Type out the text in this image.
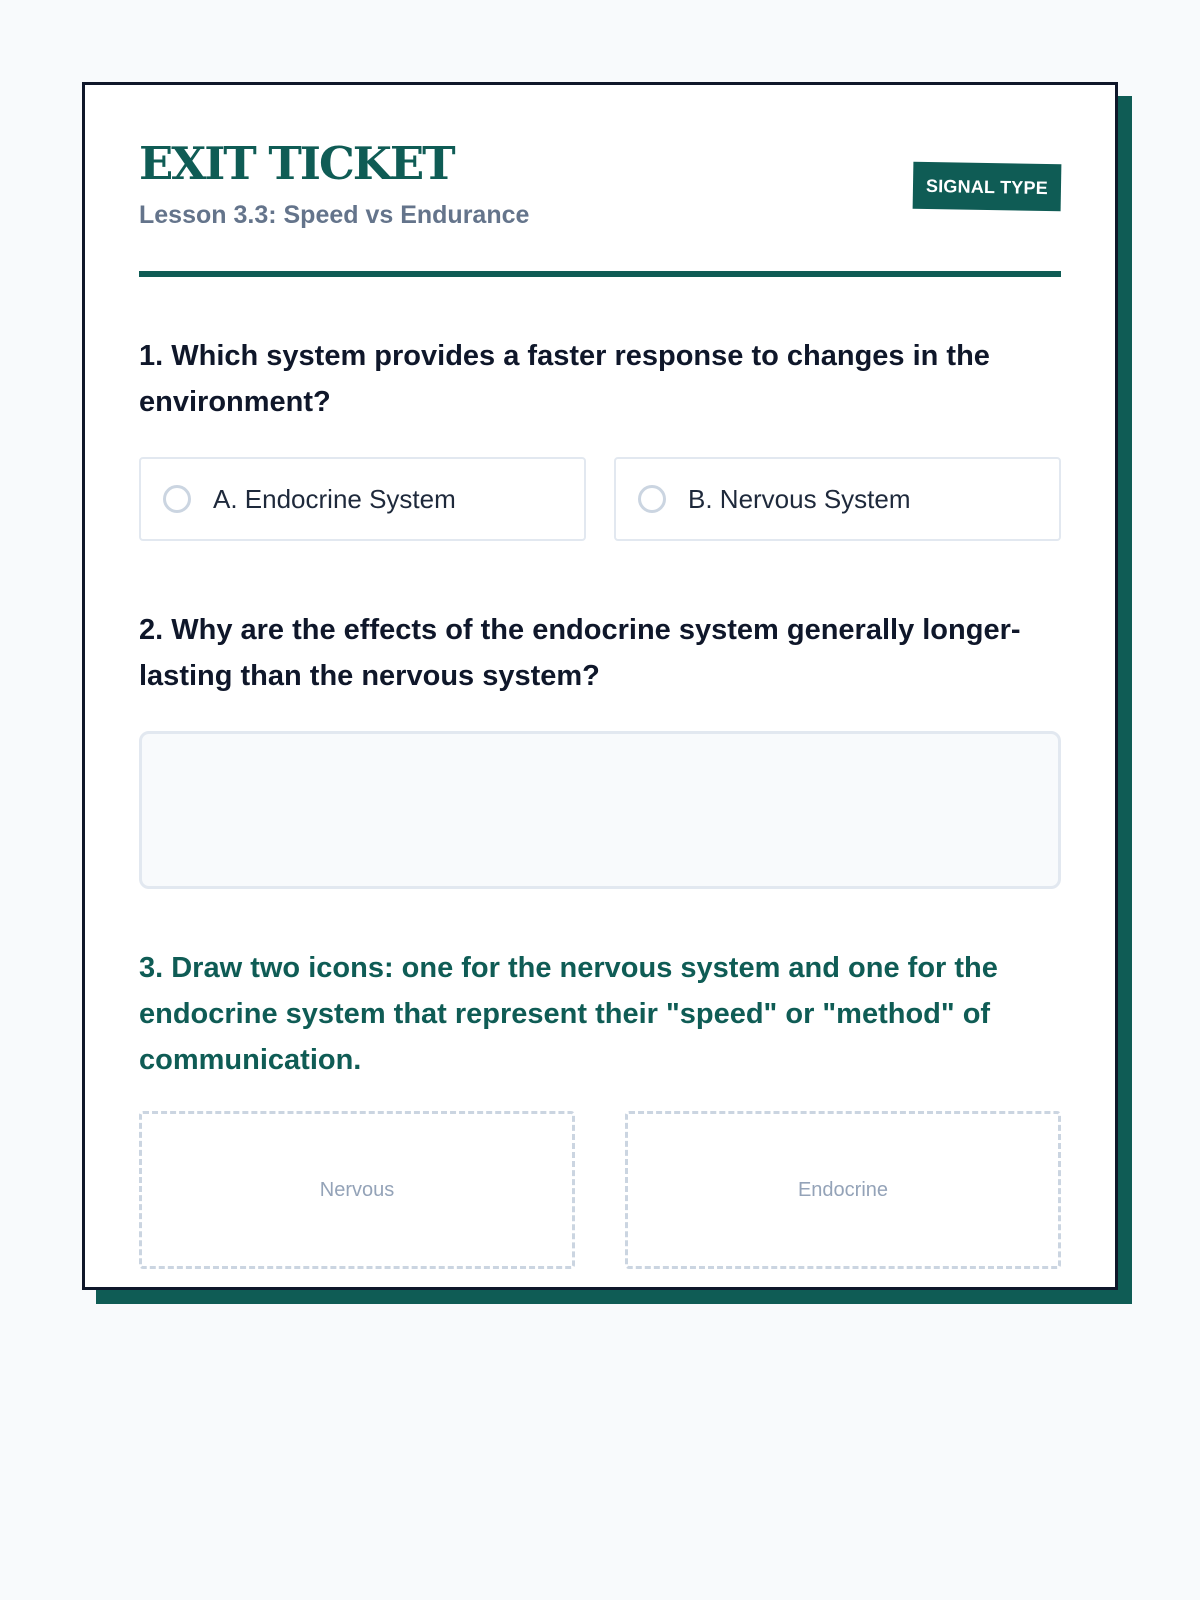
EXIT TICKET
Lesson 3.3: Speed vs Endurance
SIGNAL TYPE

1. Which system provides a faster response to changes in the environment?

A. Endocrine System	B. Nervous System

2. Why are the effects of the endocrine system generally longer-lasting than the nervous system?

3. Draw two icons: one for the nervous system and one for the endocrine system that represent their "speed" or "method" of communication.

Nervous	Endocrine
